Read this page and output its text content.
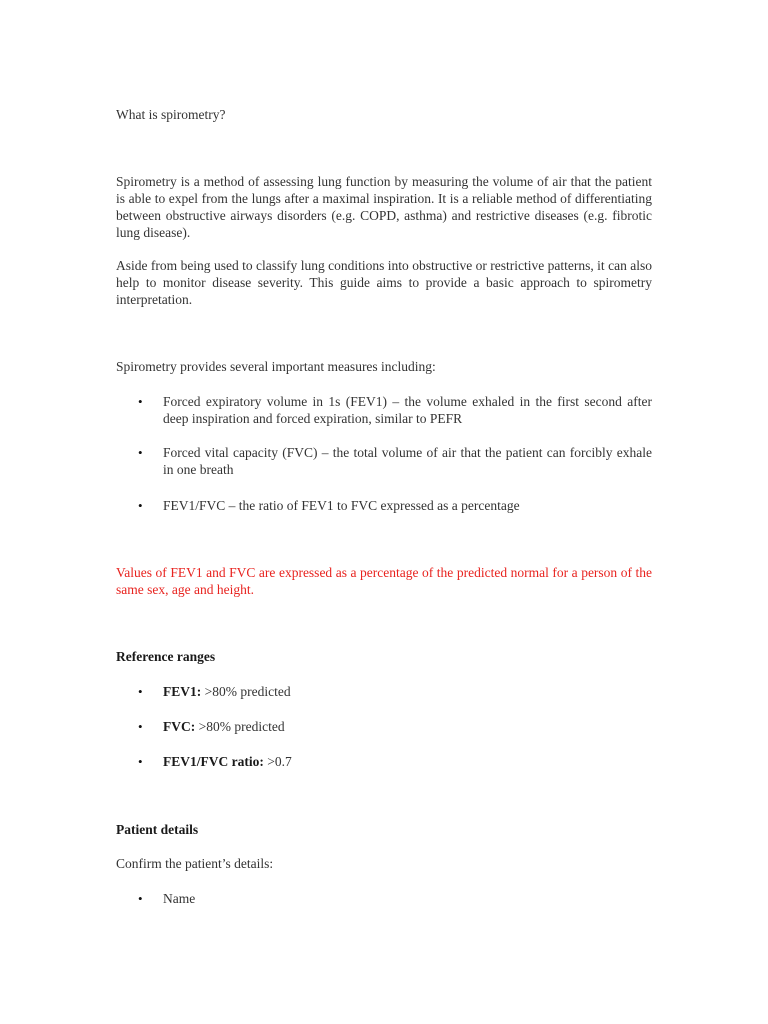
What is spirometry?

Spirometry is a method of assessing lung function by measuring the volume of air that the patient is able to expel from the lungs after a maximal inspiration. It is a reliable method of differentiating between obstructive airways disorders (e.g. COPD, asthma) and restrictive diseases (e.g. fibrotic lung disease).

Aside from being used to classify lung conditions into obstructive or restrictive patterns, it can also help to monitor disease severity. This guide aims to provide a basic approach to spirometry interpretation.

Spirometry provides several important measures including:

• Forced expiratory volume in 1s (FEV1) – the volume exhaled in the first second after deep inspiration and forced expiration, similar to PEFR

• Forced vital capacity (FVC) – the total volume of air that the patient can forcibly exhale in one breath

• FEV1/FVC – the ratio of FEV1 to FVC expressed as a percentage

Values of FEV1 and FVC are expressed as a percentage of the predicted normal for a person of the same sex, age and height.

Reference ranges

• FEV1: >80% predicted

• FVC: >80% predicted

• FEV1/FVC ratio: >0.7

Patient details

Confirm the patient’s details:

• Name
